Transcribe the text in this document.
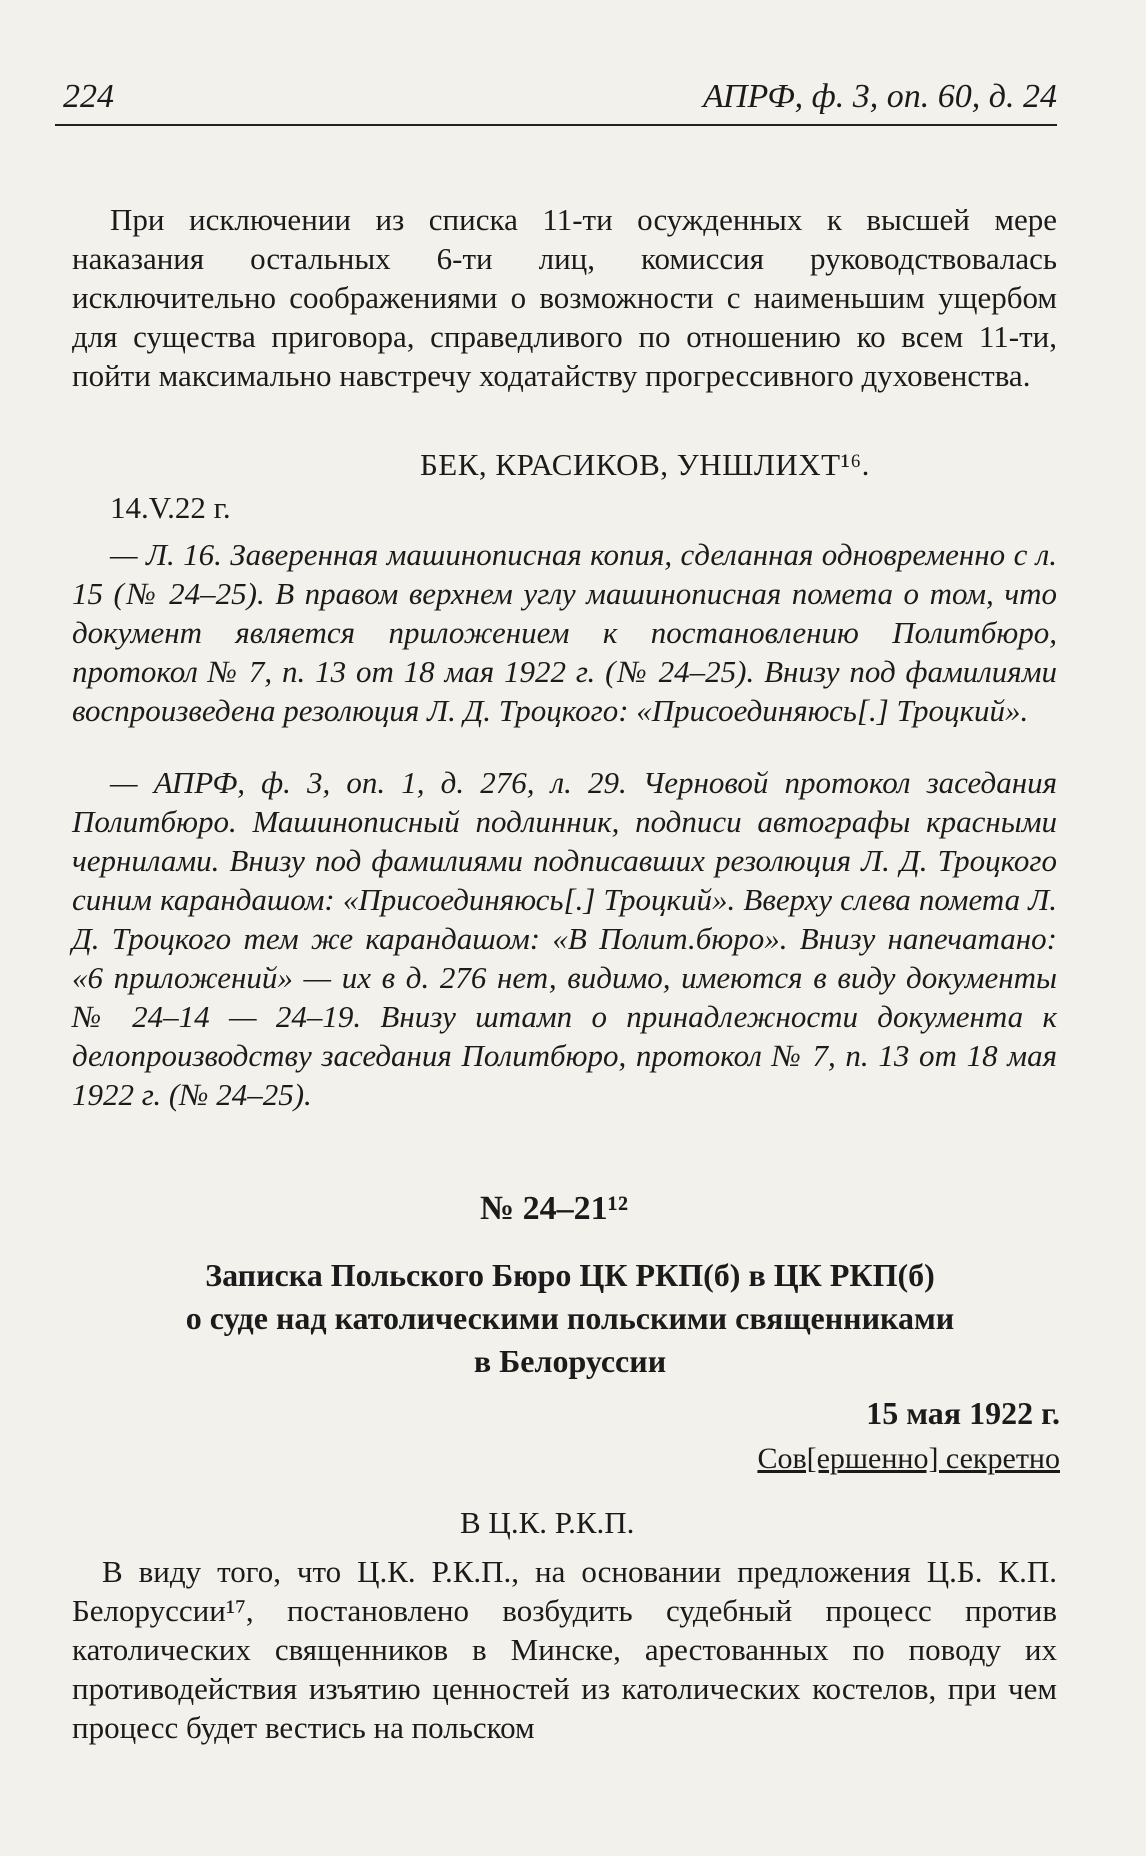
224	АПРФ, ф. 3, оп. 60, д. 24
При исключении из списка 11-ти осужденных к высшей мере наказания остальных 6-ти лиц, комиссия руководствовалась исключительно соображениями о возможности с наименьшим ущербом для существа приговора, справедливого по отношению ко всем 11-ти, пойти максимально навстречу ходатайству прогрессивного духовенства.
БЕК, КРАСИКОВ, УНШЛИХТ¹⁶.
14.V.22 г.
— Л. 16. Заверенная машинописная копия, сделанная одновременно с л. 15 (№ 24–25). В правом верхнем углу машинописная помета о том, что документ является приложением к постановлению Политбюро, протокол № 7, п. 13 от 18 мая 1922 г. (№ 24–25). Внизу под фамилиями воспроизведена резолюция Л. Д. Троцкого: «Присоединяюсь[.] Троцкий».
— АПРФ, ф. 3, оп. 1, д. 276, л. 29. Черновой протокол заседания Политбюро. Машинописный подлинник, подписи автографы красными чернилами. Внизу под фамилиями подписавших резолюция Л. Д. Троцкого синим карандашом: «Присоединяюсь[.] Троцкий». Вверху слева помета Л. Д. Троцкого тем же карандашом: «В Полит.бюро». Внизу напечатано: «6 приложений» — их в д. 276 нет, видимо, имеются в виду документы № 24–14 — 24–19. Внизу штамп о принадлежности документа к делопроизводству заседания Политбюро, протокол № 7, п. 13 от 18 мая 1922 г. (№ 24–25).
№ 24–21¹²
Записка Польского Бюро ЦК РКП(б) в ЦК РКП(б)
о суде над католическими польскими священниками
в Белоруссии
15 мая 1922 г.
Сов[ершенно] секретно
В Ц.К. Р.К.П.
В виду того, что Ц.К. Р.К.П., на основании предложения Ц.Б. К.П. Белоруссии¹⁷, постановлено возбудить судебный процесс против католических священников в Минске, арестованных по поводу их противодействия изъятию ценностей из католических костелов, при чем процесс будет вестись на польском
